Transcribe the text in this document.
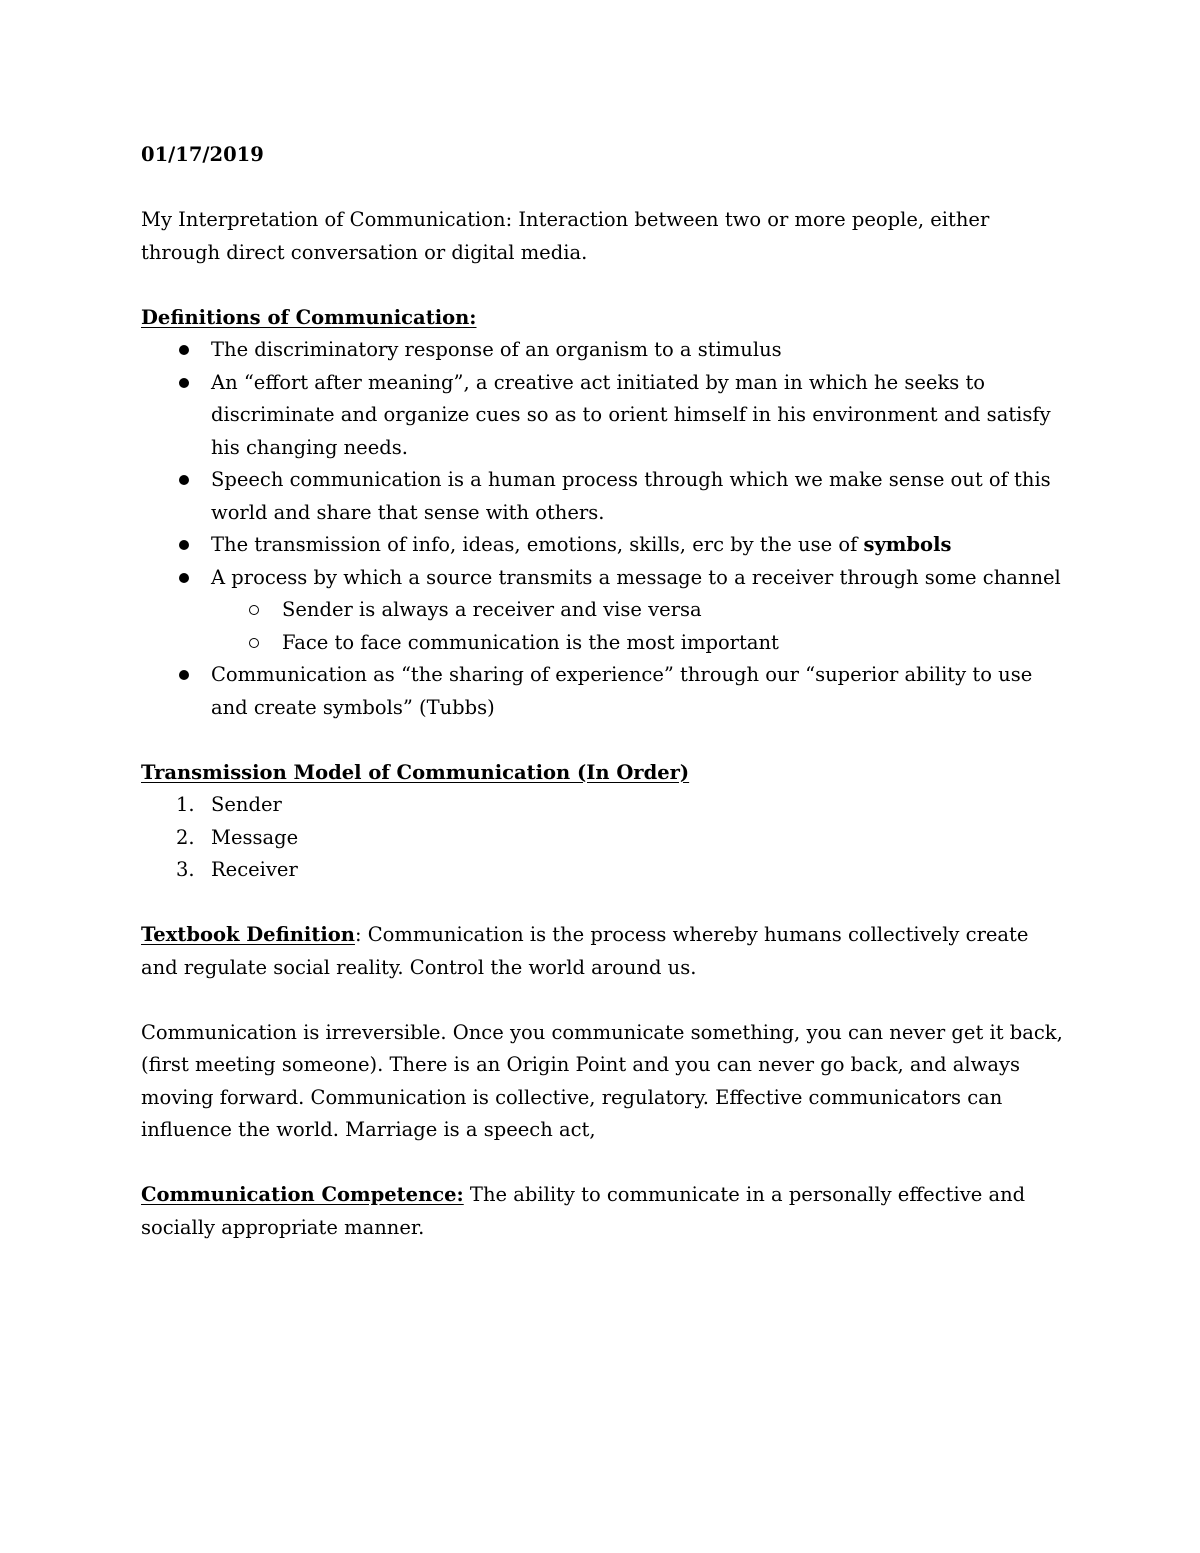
01/17/2019

My Interpretation of Communication: Interaction between two or more people, either through direct conversation or digital media.

Definitions of Communication:

The discriminatory response of an organism to a stimulus
An “effort after meaning”, a creative act initiated by man in which he seeks to discriminate and organize cues so as to orient himself in his environment and satisfy his changing needs.
Speech communication is a human process through which we make sense out of this world and share that sense with others.
The transmission of info, ideas, emotions, skills, erc by the use of symbols
A process by which a source transmits a message to a receiver through some channel
Sender is always a receiver and vise versa
Face to face communication is the most important
Communication as “the sharing of experience” through our “superior ability to use and create symbols” (Tubbs)

Transmission Model of Communication (In Order)

1. Sender
2. Message
3. Receiver

Textbook Definition: Communication is the process whereby humans collectively create and regulate social reality. Control the world around us.

Communication is irreversible. Once you communicate something, you can never get it back, (first meeting someone). There is an Origin Point and you can never go back, and always moving forward. Communication is collective, regulatory. Effective communicators can influence the world. Marriage is a speech act,

Communication Competence: The ability to communicate in a personally effective and socially appropriate manner.
